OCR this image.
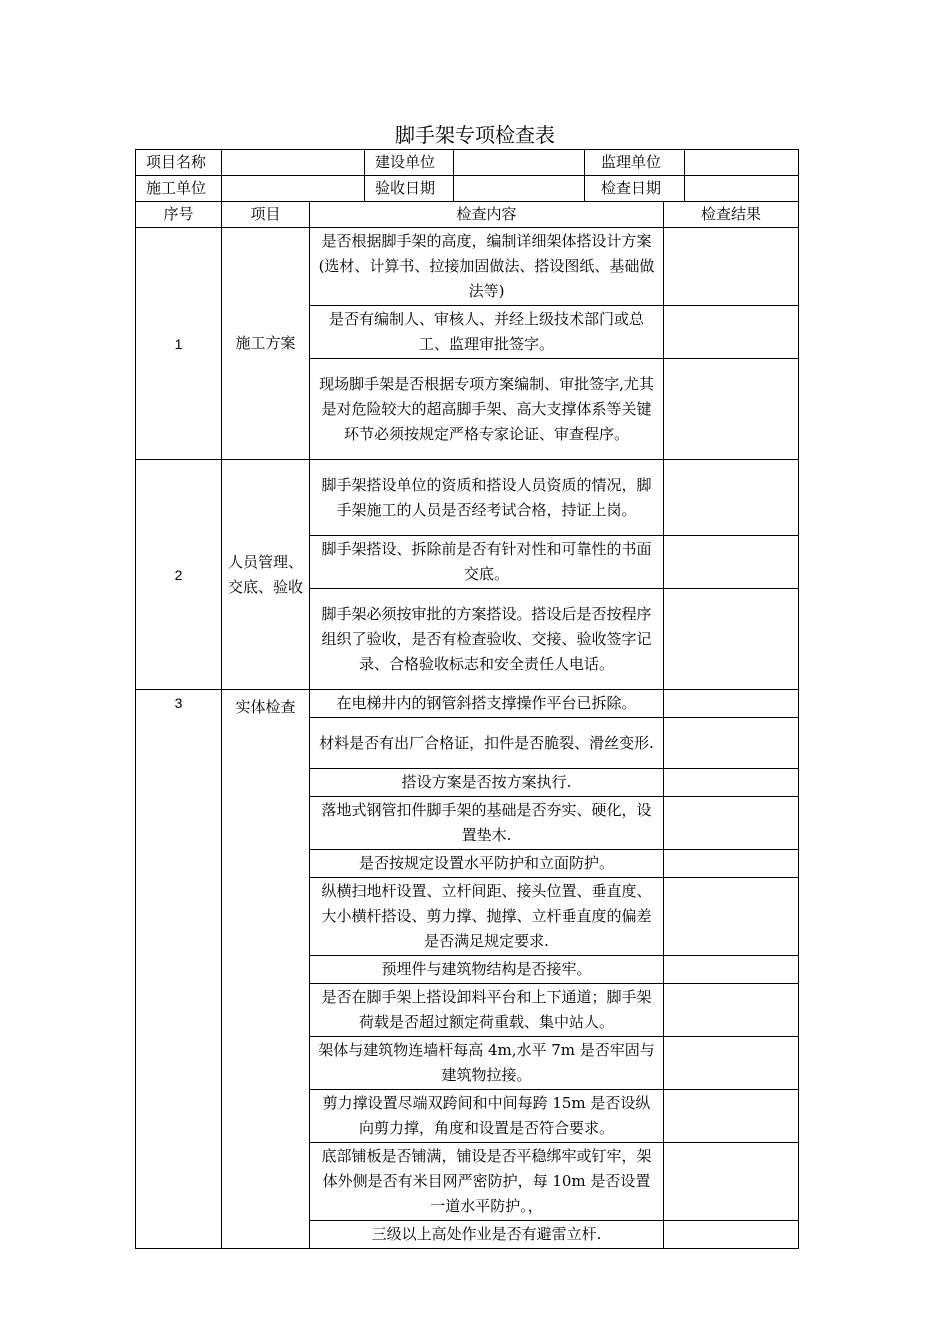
脚手架专项检查表
项目名称		建设单位		监理单位	
施工单位		验收日期		检查日期	
序号	项目	检查内容	检查结果
1	施工方案	是否根据脚手架的高度，编制详细架体搭设计方案(选材、计算书、拉接加固做法、搭设图纸、基础做法等)	
		是否有编制人、审核人、并经上级技术部门或总工、监理审批签字。	
		现场脚手架是否根据专项方案编制、审批签字,尤其是对危险较大的超高脚手架、高大支撑体系等关键环节必须按规定严格专家论证、审查程序。	
2	人员管理、交底、验收	脚手架搭设单位的资质和搭设人员资质的情况，脚手架施工的人员是否经考试合格，持证上岗。	
		脚手架搭设、拆除前是否有针对性和可靠性的书面交底。	
		脚手架必须按审批的方案搭设。搭设后是否按程序组织了验收，是否有检查验收、交接、验收签字记录、合格验收标志和安全责任人电话。	
3	实体检查	在电梯井内的钢管斜搭支撑操作平台已拆除。	
		材料是否有出厂合格证，扣件是否脆裂、滑丝变形.	
		搭设方案是否按方案执行.	
		落地式钢管扣件脚手架的基础是否夯实、硬化，设置垫木.	
		是否按规定设置水平防护和立面防护。	
		纵横扫地杆设置、立杆间距、接头位置、垂直度、大小横杆搭设、剪力撑、抛撑、立杆垂直度的偏差是否满足规定要求.	
		预埋件与建筑物结构是否接牢。	
		是否在脚手架上搭设卸料平台和上下通道；脚手架荷载是否超过额定荷重载、集中站人。	
		架体与建筑物连墙杆每高 4m,水平 7m 是否牢固与建筑物拉接。	
		剪力撑设置尽端双跨间和中间每跨 15m 是否设纵向剪力撑，角度和设置是否符合要求。	
		底部铺板是否铺满，铺设是否平稳绑牢或钉牢，架体外侧是否有米目网严密防护，每 10m 是否设置一道水平防护。，	
		三级以上高处作业是否有避雷立杆.	
